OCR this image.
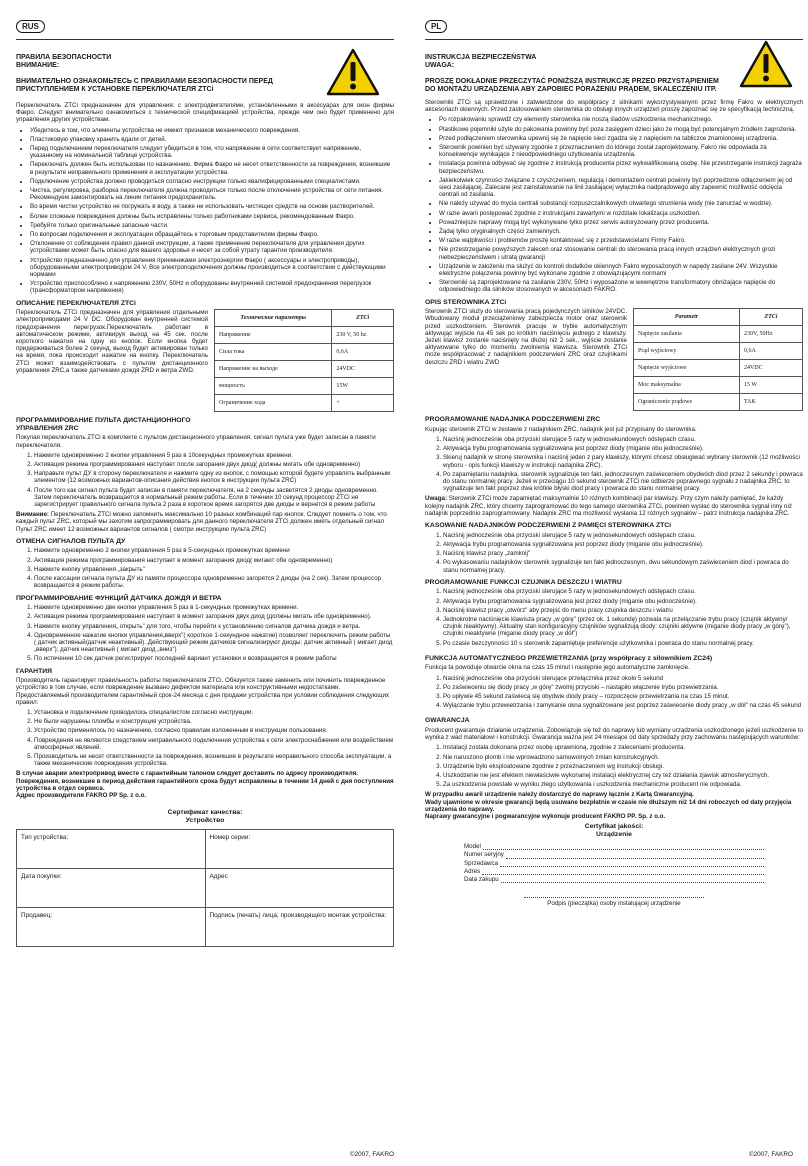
RUS

ПРАВИЛА БЕЗОПАСНОСТИ

ВНИМАНИЕ:

ВНИМАТЕЛЬНО ОЗНАКОМЬТЕСЬ С ПРАВИЛАМИ БЕЗОПАСНОСТИ ПЕРЕД ПРИСТУПЛЕНИЕМ К УСТАНОВКЕ ПЕРЕКЛЮЧАТЕЛЯ ZTCi

Переключатель ZTCi предназначен для управления: с электродвигателями, установленными в аксесуарах для окон фирмы Факро. Следует внимательно ознакомиться с технической спецификацией устройства, прежде чем оно будет применено для управления других устройствам.

• Убедитесь в том, что элементы устройства не имеют признаков механического повреждения.
• Пластиковую упаковку хранить вдали от детей.
• Перед подключением переключателя следует убедиться в том, что напряжение в сети соответствует напряжению, указанному на номинальной таблице устройства.
• Переключать должен быть использован по назначению. Фирма Факро не несет ответственности за повреждения, возникшие в результате неправильного применения и эксплуатации устройства.
• Подключение устройства должно проводиться согласно инструкции только квалифицированными специалистами.
• Чистка, регулировка, разборка переключателя должна проводиться только после отключения устройства от сети питания. Рекомендуем замонтировать на линии питания предохранитель.
• Во время чистки устройство не погружать в воду, а также не использовать чистящих средств на основе растворителей.
• Более сложные повреждения должны быть исправлены только работниками сервиса, рекомендованным Факро.
• Требуйте только оригинальные запасные части.
• По вопросам подключения и эксплуатации обращайтесь к торговым представителям фирмы Факро.
• Отклонение от соблюдения правил данной инструкции, а также применение переключателя для управления других устройствами может быть опасно для вашего здоровья и несет за собой утрату гарантии производителя.
• Устройство предназначено для управления приемниками электроэнергии Факро ( аксессуары и электроприводы), оборудованными электроприводом 24 V. Все электроподключения должны производиться в соответствии с действующими нормами
• Устройство приспособлено к напряжению 230V, 50Hz и оборудованы внутренней системой предохранения перегрузок (трансформатором напряжения)
ОПИСАНИЕ ПЕРЕКЛЮЧАТЕЛЯ ZTCi

Переключатель ZTCi предназначен для управления отдельными электроприводами 24 V DC. Оборудован внутренней системой предохранения перегрузок.Переключатель работает в автоматическом режиме, активируя выход на 45 сек. после короткого нажатия на одну из кнопок. Если кнопка будет придерживаться более 2 секунд, выход будет активирован только на время, пока происходит нажатие на кнопку. Переключатель ZTCi может взаимодействовать с пультом дистанционного управления ZRC,а также датчиками дождя ZRD и ветра ZWD.

Технические параметры	ZTCi
Напряжение	230 V, 50 hz
Сила тока	0,6A
Напряжение на выходе	24VDC
мощность	15W
Ограничение хода	+
ПРОГРАММИРОВАНИЕ ПУЛЬТА ДИСТАНЦИОННОГО УПРАВЛЕНИЯ ZRC

Покупая переключатель ZTCi в комплекте с пультом дистанционного управления, сигнал пульта уже будет записан в памяти переключателя.

1. Нажмите одновременно 2 кнопки управления 5 раз в 10секундных промежутках времени.
2. Активация режима программирования наступает после загорания двух диод( должны мигать обе одновременно)
3. Направьте пульт ДУ в сторону переключателя и нажмите одну из кнопок, с помощью которой будете управлять выбранным элементом (12 возможных вариантов-описания действия кнопок в инструкции пульта ZRC)
4. После того как сигнал пульта будет записан в памяти переключателя, на 2 секунды засветятся 2 диоды одновременно. Затем переключатель возвращается в нормальный режим работы. Если в течении 10 секунд процессор ZTCi не зарегистрирует правильного сигнала пульта 2 раза в короткое время загорятся две диоды и вернется в режим работы

Внимание: Переключатель ZTCi можно запомнить максимально 10 разных комбинаций пар кнопок. Следует помнить о том, что каждый пульт ZRC, который мы захотим запрограммировать для данного переключателя ZTCi должен иметь отдельный сигнал Пульт ZRC имеет 12 возможных вариантов сигналов ( смотри инструкцию пульта ZRC)

ОТМЕНА СИГНАЛОВ ПУЛЬТА ДУ
1. Нажмите одновременно 2 кнопки управления 5 раз в 5-секундных промежутках времени
2. Активация режима программирования наступает в момент загорания диод( мигают обе одновременно)
3. Нажмите кнопку управления „закрыть"
4. После кассации сигнала пульта ДУ из памяти процессора одновременно загорятся 2 диоды (на 2 сек). Затем процессор возвращается в режим работы.
ПРОГРАММИРОВАНИЕ ФУНКЦИЙ ДАТЧИКА ДОЖДЯ И ВЕТРА
1. Нажмите одновременно две кнопки управления 5 раз в 1-секундных промежутках времени.
2. Активация режима программирования наступает в момент загорания двух диод (должны мигать обе одновременно).
3. Нажмите кнопку управления„ открыть" для того, чтобы перейти к установлению сигналов датчика дождя и ветра.
4. Одновременное нажатие кнопки управления„вверх"( короткое 1-секундное нажатие) позволяет переключить режим работы ( датчик активный/датчик неактивный). Действующий режим датчиков сигнализируют диоды: датчик активный ( мигает диод „вверх"); датчик неактивный ( мигает диод „вниз")
5. По истечении 10 сек датчик регистрирует последний вариант установки и возвращается в режим работы
ГАРАНТИЯ

Производитель гарантирует правильность работы переключателя ZTCi. Обязуется также заменить или починить поврежденное устройство в том случае, если повреждение вызвано дефектом материала или конструктивными недостатками. Предоставляемый производителем гарантийный срок-24 месяца с дня продажи устройства при условии соблюдения следующих правил:

1. Установка и подключение проводилось специалистом согласно инструкции.
2. Не были нарушены пломбы и конструкция устройства.
3. Устройство применялось по назначению, согласно правилам изложенным в инструкции пользования.
4. Повреждения не являются следствием неправильного подключения устройства к сети электроснабжения или воздействием атмосферных явлений.
5. Производитель не несет ответственности за повреждения, возникшие в результате неправильного способа эксплуатации, а также механические повреждения устройства.

В случае аварии электропривод вместе с гарантийным талоном следует доставить по адресу производителя.

Повреждения, возникшие в период действия гарантийного срока будут исправлены в течении 14 дней с дня поступления устройства в отдел сервиса.

Адрес производителя FAKRO PP Sp. z o.o.

Сертификат качества:
Устройство
Тип устройства:	Номер серии:
Дата покупки:	Адрес
Продавец:	Подпись (печать) лица, производящего монтаж устройства:
©2007, FAKRO
PL

INSTRUKCJA BEZPIECZEŃSTWA

UWAGA:

PROSZĘ DOKŁADNIE PRZECZYTAĆ PONIŻSZĄ INSTRUKCJĘ PRZED PRZYSTĄPIENIEM DO MONTAŻU URZĄDZENIA ABY ZAPOBIEC PORAŻENIU PRĄDEM, SKALECZENIU ITP.

Sterowniki ZTCi są sprawdzone i zatwierdzone do współpracy z silnikami wykorzystywanymi przez firmę Fakro w elektrycznych akcesoriach okiennych. Przed zastosowaniem sterownika do obsługi innych urządzeń proszę zapoznać się ze specyfikacją techniczną.

• Po rozpakowaniu sprawdź czy elementy sterownika nie noszą śladów uszkodzenia mechanicznego.
• Plastikowe pojemniki użyte do pakowania powinny być poza zasięgiem dzieci jako że mogą być potencjalnym źródłem zagrożenia.
• Przed podłączeniem sterownika upewnij się że napięcie sieci zgadza się z napięciem na tabliczce znamionowej urządzenia.
• Sterownik powinien być używany zgodnie z przeznaczeniem do którego został zaprojektowany. Fakro nie odpowiada za konsekwencje wynikające z nieodpowiedniego użytkowania urządzenia.
• Instalacja powinna odbywać się zgodnie z instrukcją producenta przez wykwalifikowaną osobę. Nie przestrzeganie instrukcji zagraża bezpieczeństwu.
• Jakiekolwiek czynności związane z czyszczeniem, regulacją i demontażem centrali powinny być poprzedzone odłączeniem jej od sieci zasilającej. Zalecane jest zainstalowanie na linii zasilającej wyłącznika nadprądowego aby zapewnić możliwość odcięcia centrali od zasilania.
• Nie należy używać do mycia centrali substancji rozpuszczalnikowych otwartego strumienia wody (nie zanurzać w wodzie).
• W razie awarii postępować zgodnie z instrukcjami zawartymi w rozdziale lokalizacja uszkodzeń.
• Poważniejsze naprawy mogą być wykonywane tylko przez serwis autoryzowany przez producenta.
• Żądaj tylko oryginalnych części zamiennych.
• W razie wątpliwości i problemów proszę kontaktować się z przedstawicielami Firmy Fakro.
• Nie przestrzeganie powyższych zaleceń oraz stosowanie centrali do sterowania pracą innych urządzeń elektrycznych grozi niebezpieczeństwem i utratą gwarancji
• Urządzenie w założeniu ma służyć do kontroli dodatków okiennych Fakro wyposażonych w napędy zasilane 24V. Wszystkie elektryczne połączenia powinny być wykonane zgodnie z obowiązującymi normami
• Sterowniki są zaprojektowane na zasilanie 230V, 50Hz i wyposażone w wewnętrzne transformatory obniżające napięcie do odpowiedniego dla silników stosowanych w akcesoriach FAKRO.
OPIS STEROWNIKA ZTCi

Sterownik ZTCi służy do sterowania pracą pojedynczych silników 24VDC. Wbudowany moduł przeciążeniowy zabezpiecza motor oraz sterownik przed uszkodzeniem. Sterownik pracuje w trybie automatycznym aktywując wyjście na 45 sek po krótkim naciśnięciu jednego z klawiszy. Jeżeli klawisz zostanie naciśnięty na dłużej niż 2 sek., wyjście zostanie aktywowane tylko do momentu zwolnienia klawisza. Sterownik ZTCi może współpracować z nadajnikiem podczerwieni ZRC oraz czujnikami deszczu ZRD i wiatru ZWD

Parametr	ZTCi
Napięcie zasilania	230V, 50Hz
Prąd wyjściowy	0,6A
Napięcie wyjściowe	24VDC
Moc maksymalna	15 W
Ograniczenie prądowe	TAK
PROGRAMOWANIE NADAJNIKA PODCZERWIENI ZRC

Kupując sterownik ZTCi w zestawie z nadajnikiem ZRC, nadajnik jest już przypisany do sterownika.

1. Naciśnij jednocześnie oba przyciski sterujące 5 razy w jednosekundowych odstępach czasu.
2. Aktywacja trybu programowania sygnalizowana jest poprzez diody (miganie obu jednocześnie).
3. Skieruj nadajnik w stronę sterownika i naciśnij jeden z pary klawiszy, którymi chcesz obsługiwać wybrany sterownik (12 możliwości wyboru - opis funkcji klawiszy w instrukcji nadajnika ZRC).
4. Po zapamiętaniu nadajnika, sterownik sygnalizuje ten fakt, jednoczesnym zaświeceniem obydwóch diod przez 2 sekundy i powraca do stanu normalnej pracy. Jeżeli w przeciągu 10 sekund sterownik ZTCi nie odbierze poprawnego sygnału z nadajnika ZRC, to sygnalizuje ten fakt poprzez dwa krótkie błyski diod pracy i powraca do stanu normalnej pracy.

Uwaga: Sterownik ZTCi może zapamiętać maksymalnie 10 różnych kombinacji par klawiszy. Przy czym należy pamiętać, że każdy kolejny nadajnik ZRC, który chcemy zaprogramować do tego samego sterownika ZTCi, powinien wysłać do sterownika sygnał inny niż nadajnik poprzednio zaprogramowany. Nadajnik ZRC ma możliwość wysłania 12 różnych sygnałów – patrz instrukcja nadajnika ZRC.

KASOWANIE NADAJNIKÓW PODCZERWIENI Z PAMIĘCI STEROWNIKA ZTCi
1. Naciśnij jednocześnie oba przyciski sterujące 5 razy w jednosekundowych odstępach czasu.
2. Aktywacja trybu programowania sygnalizowana jest poprzez diody (miganie obu jednocześnie).
3. Naciśnij klawisz pracy „zamknij"
4. Po wykasowaniu nadajników sterownik sygnalizuje ten fakt jednoczesnym, dwu sekundowym zaświeceniem diod i powraca do stanu normalnej pracy.
PROGRAMOWANIE FUNKCJI CZUJNIKA DESZCZU I WIATRU
1. Naciśnij jednocześnie oba przyciski sterujące 5 razy w jednosekundowych odstępach czasu.
2. Aktywacja trybu programowania sygnalizowana jest przez diody (miganie obu jednocześnie).
3. Naciśnij klawisz pracy „otwórz" aby przejść do menu pracy czujnika deszczu i wiatru
4. Jednokrotne naciśnięcie klawisza pracy „w górę" (przez ok. 1 sekundę) pozwala na przełączanie trybu pracy (czujnik aktywny/ czujnik nieaktywny). Aktualny stan konfiguracyjny czujników sygnalizują diody: czujniki aktywne (miganie diody pracy „w górę"), czujniki nieaktywne (miganie diody pracy „w dół")
5. Po czasie bezczynności 10 s sterownik zapamiętuje preferencje użytkownika i powraca do stanu normalnej pracy.
FUNKCJA AUTOMATYCZNEGO PRZEWIETRZANIA (przy współpracy z silownikiem ZC24)

Funkcja ta powoduje otwarcie okna na czas 15 minut i następnie jego automatyczne zamknięcie.

1. Naciśnij jednocześnie oba przyciski sterujące przełącznika przez około 5 sekund
2. Po zaświeceniu się diody pracy „w górę" zwolnij przyciski – nastąpiło włączenie trybu przewietrzania.
3. Po upływie 45 sekund zaświecą się obydwie diody pracy – rozpoczęcie przewietrzania na czas 15 minut.
4. Wyłączanie trybu przewietrzania i zamykanie okna sygnalizowane jest poprzez zaświecenie diody pracy „w dół" na czas 45 sekund
GWARANCJA

Producent gwarantuje działanie urządzenia. Zobowiązuje się też do naprawy lub wymiany urządzenia uszkodzonego jeżeli uszkodzenie to wynika z wad materiałowi i konstrukcji. Gwarancja ważna jest 24 miesiące od daty sprzedaży przy zachowaniu następujących warunków:

1. Instalacji została dokonana przez osobę uprawnioną, zgodnie z zaleceniami producenta.
2. Nie naruszono plomb i nie wprowadzono samowolnych zmian konstrukcyjnych.
3. Urządzenie było eksploatowane zgodnie z przeznaczeniem wg instrukcji obsługi.
4. Uszkodzenie nie jest efektem niewłaściwie wykonanej instalacji elektrycznej czy też działania zjawisk atmosferycznych.
5. Za uszkodzenia powstałe w wyniku złego użytkowania i uszkodzenia mechaniczne producent nie odpowiada.

W przypadku awarii urządzenie należy dostarczyć do naprawy łącznie z Kartą Gwarancyjną.

Wady ujawnione w okresie gwarancji będą usuwane bezpłatnie w czasie nie dłuższym niż 14 dni roboczych od daty przyjęcia urządzenia do naprawy.

Naprawy gwarancyjne i pogwarancyjne wykonuje producent FAKRO PP. Sp. z o.o.

Certyfikat jakości:
Urządzenie
Model
Numer seryjny
Sprzedawca
Adres
Data zakupu
Podpis (pieczątka) osoby instalującej urządzenie
©2007, FAKRO
